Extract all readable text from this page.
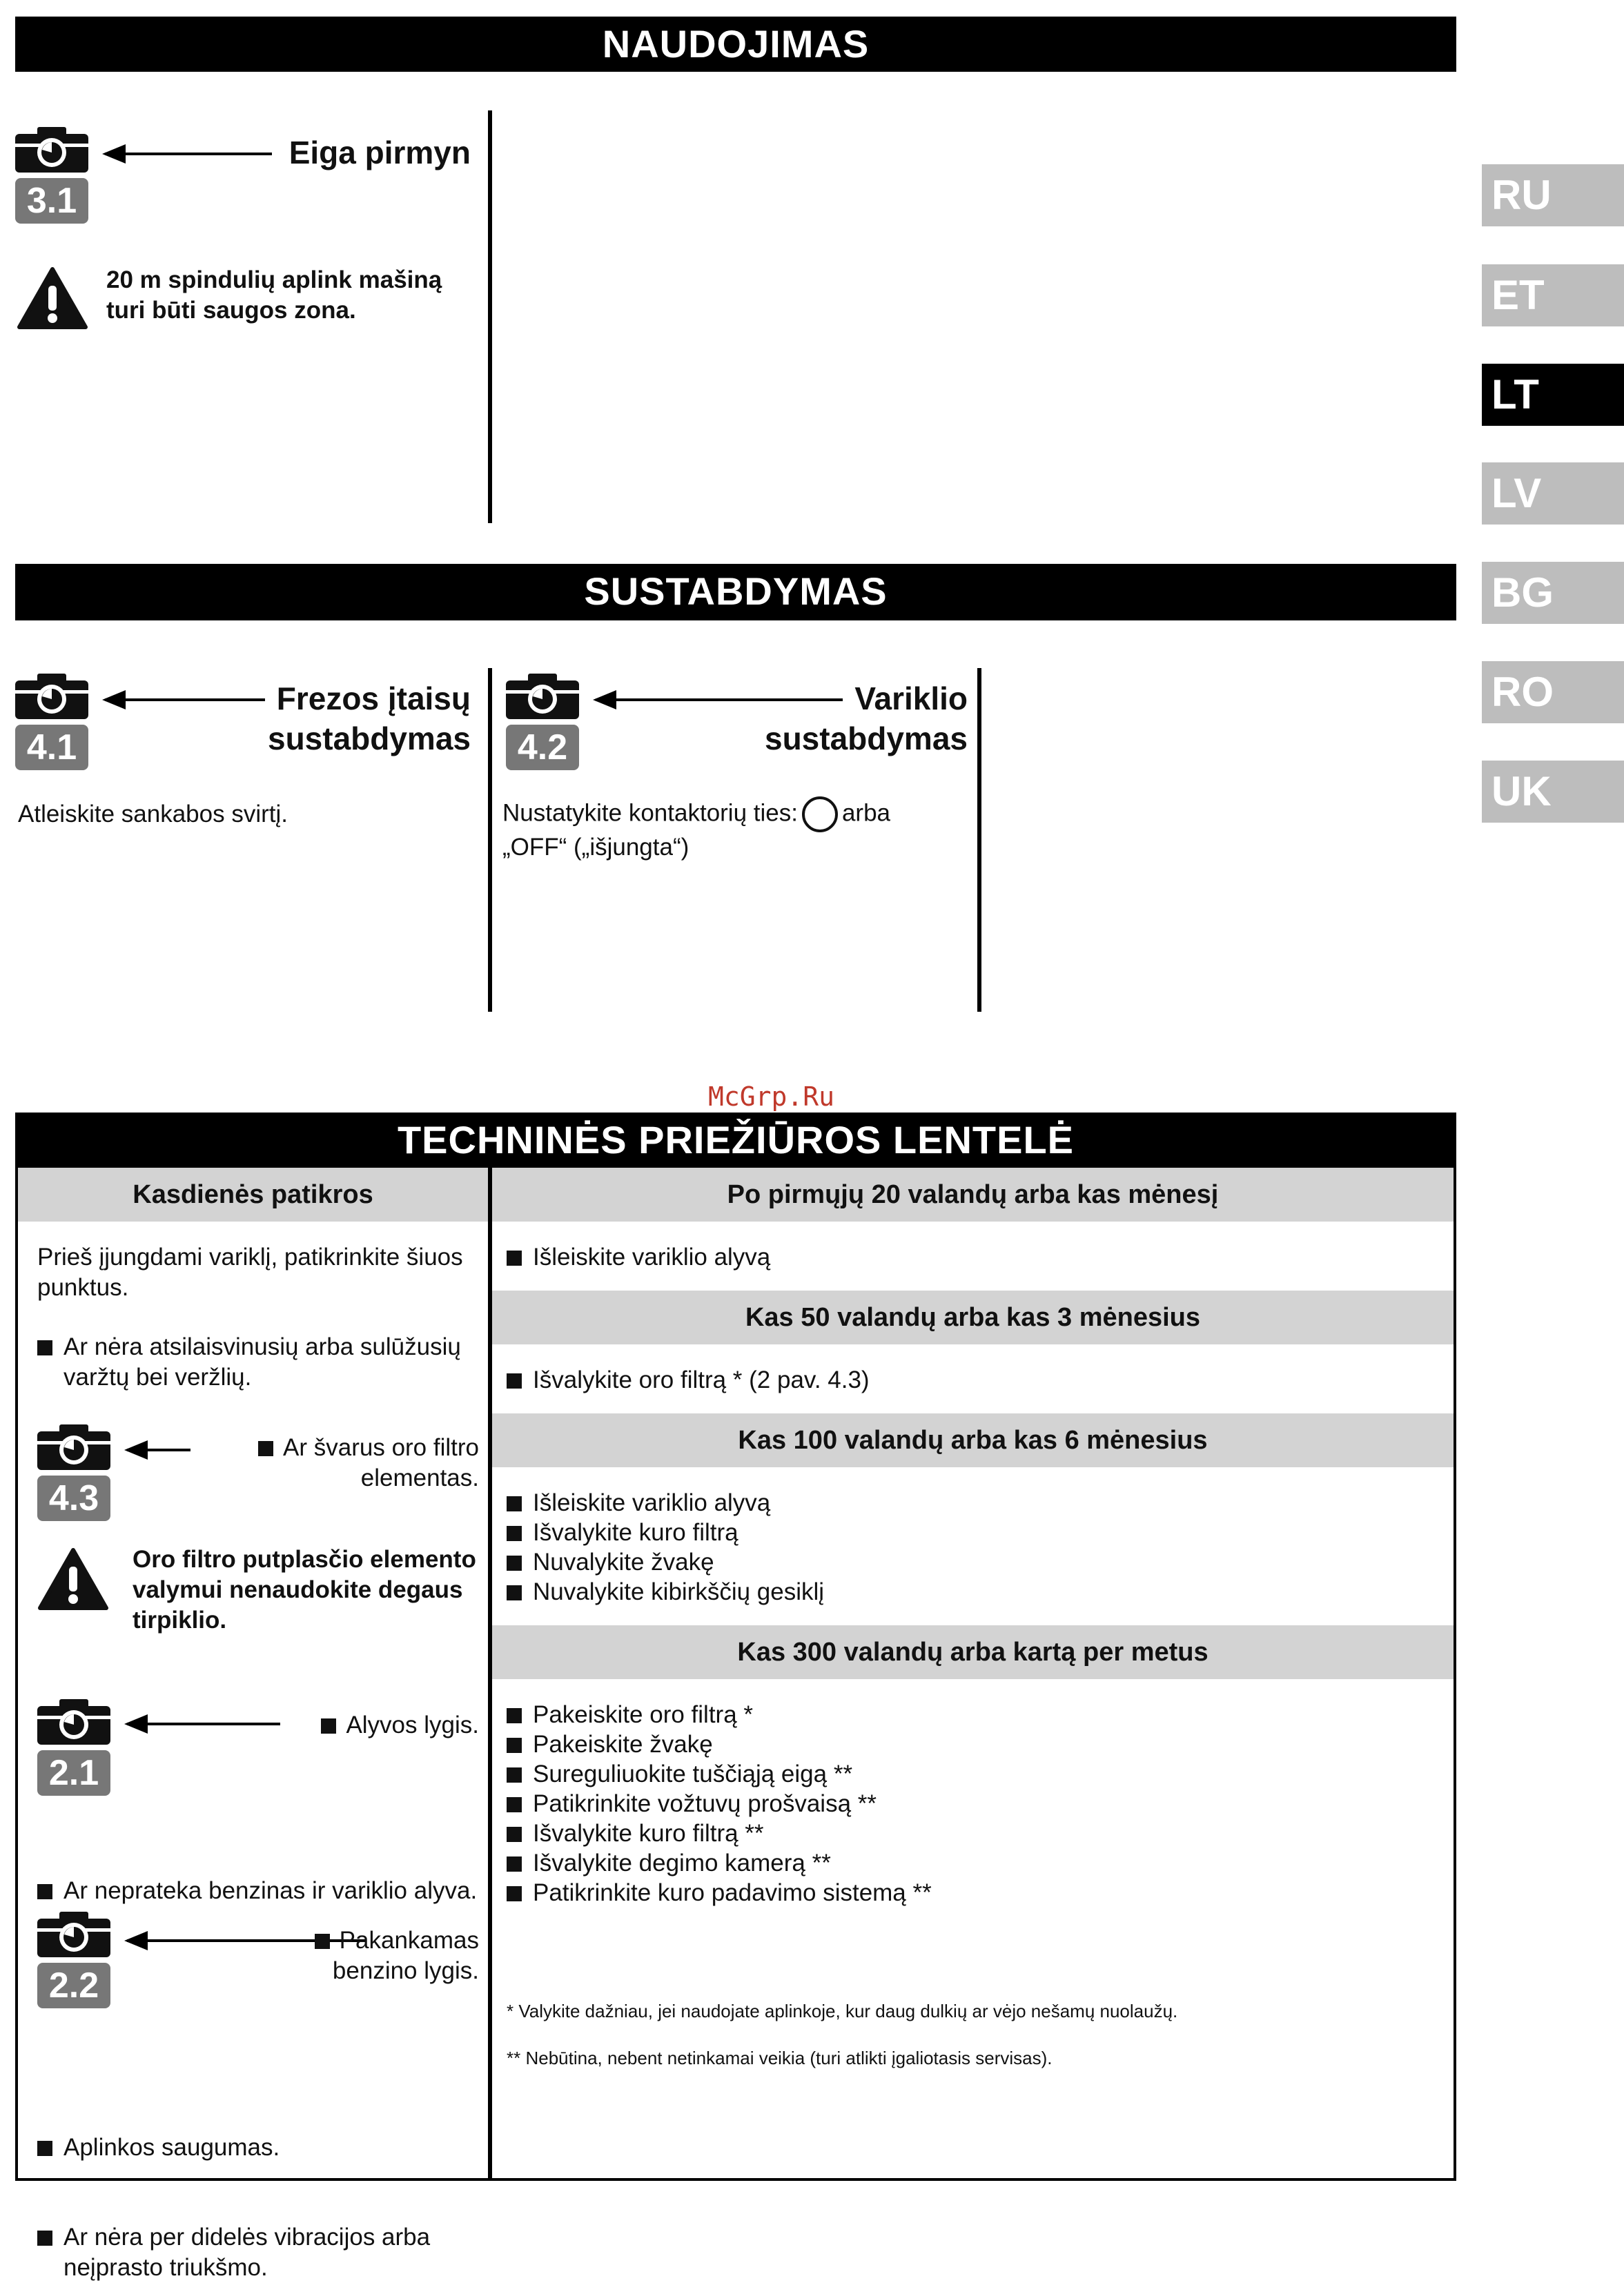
NAUDOJIMAS
3.1
Eiga pirmyn
20 m spindulių aplink mašiną turi būti saugos zona.
SUSTABDYMAS
4.1
Frezos įtaisų
sustabdymas
Atleiskite sankabos svirtį.
4.2
Variklio
sustabdymas
Nustatykite kontaktorių ties: arba
„OFF“ („išjungta“)
RU
ET
LT
LV
BG
RO
UK
McGrp.Ru
TECHNINĖS PRIEŽIŪROS LENTELĖ
Kasdienės patikros
Prieš įjungdami variklį, patikrinkite šiuos punktus.
Ar nėra atsilaisvinusių arba sulūžusių varžtų bei veržlių.
4.3
Ar švarus oro filtro
elementas.
Oro filtro putplasčio elemento valymui nenaudokite degaus tirpiklio.
2.1
Alyvos lygis.
Ar neprateka benzinas ir variklio alyva.
2.2
Pakankamas
benzino lygis.
Aplinkos saugumas.
Ar nėra per didelės vibracijos arba neįprasto triukšmo.
Po pirmųjų 20 valandų arba kas mėnesį
Išleiskite variklio alyvą
Kas 50 valandų arba kas 3 mėnesius
Išvalykite oro filtrą * (2 pav. 4.3)
Kas 100 valandų arba kas 6 mėnesius
Išleiskite variklio alyvą
Išvalykite kuro filtrą
Nuvalykite žvakę
Nuvalykite kibirkščių gesiklį
Kas 300 valandų arba kartą per metus
Pakeiskite oro filtrą *
Pakeiskite žvakę
Sureguliuokite tuščiąją eigą **
Patikrinkite vožtuvų prošvaisą **
Išvalykite kuro filtrą **
Išvalykite degimo kamerą **
Patikrinkite kuro padavimo sistemą **
* Valykite dažniau, jei naudojate aplinkoje, kur daug dulkių ar vėjo nešamų nuolaužų.
** Nebūtina, nebent netinkamai veikia (turi atlikti įgaliotasis servisas).
